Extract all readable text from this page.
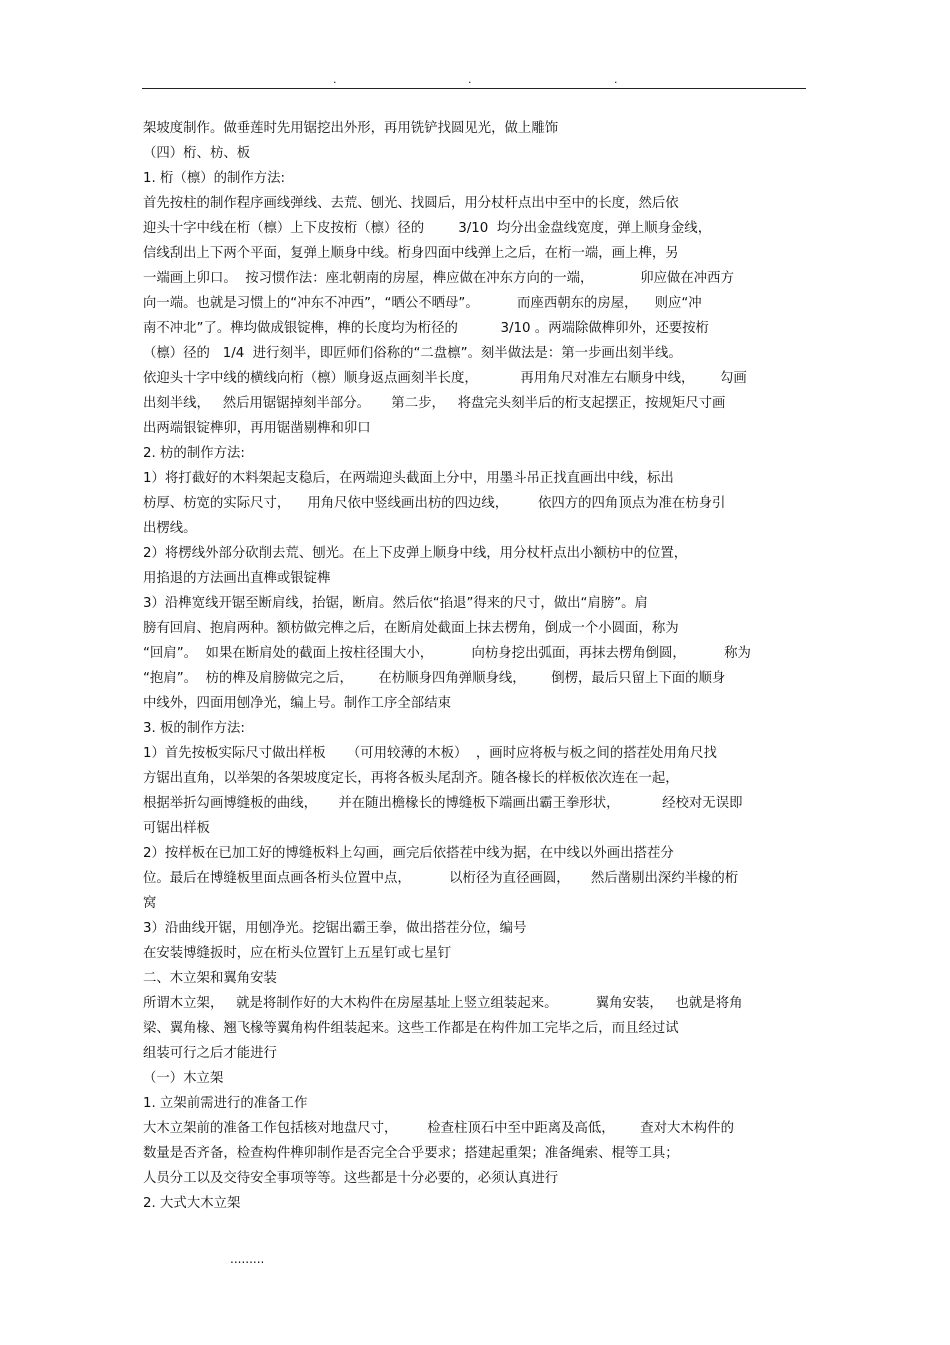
.	.	.
架坡度制作。做垂莲时先用锯挖出外形，再用铣铲找圆见光，做上雕饰
（四）桁、枋、板
1. 桁（檩）的制作方法:
首先按柱的制作程序画线弹线、去荒、刨光、找圆后，用分杖杆点出中至中的长度，然后依
迎头十字中线在桁（檩）上下皮按桁（檩）径的        3/10  均分出金盘线宽度，弹上顺身金线，
信线刮出上下两个平面，复弹上顺身中线。桁身四面中线弹上之后，在桁一端，画上榫，另
一端画上卯口。  按习惯作法：座北朝南的房屋，榫应做在冲东方向的一端，           卯应做在冲西方
向一端。也就是习惯上的“冲东不冲西”，“晒公不晒母”。         而座西朝东的房屋，    则应“冲
南不冲北”了。榫均做成银锭榫，榫的长度均为桁径的          3/10 。两端除做榫卯外，还要按桁
（檩）径的   1/4  进行刻半，即匠师们俗称的“二盘檩”。刻半做法是：第一步画出刻半线。
依迎头十字中线的横线向桁（檩）顺身返点画刻半长度，          再用角尺对准左右顺身中线，      勾画
出刻半线，   然后用锯锯掉刻半部分。     第二步，   将盘完头刻半后的桁支起摆正，按规矩尺寸画
出两端银锭榫卯，再用锯凿剔榫和卯口
2. 枋的制作方法:
1）将打截好的木料架起支稳后，在两端迎头截面上分中，用墨斗吊正找直画出中线，标出
枋厚、枋宽的实际尺寸，    用角尺依中竖线画出枋的四边线，       依四方的四角顶点为准在枋身引
出楞线。
2）将楞线外部分砍削去荒、刨光。在上下皮弹上顺身中线，用分杖杆点出小额枋中的位置，
用掐退的方法画出直榫或银锭榫
3）沿榫宽线开锯至断肩线，抬锯，断肩。然后依“掐退”得来的尺寸，做出“肩膀”。肩
膀有回肩、抱肩两种。额枋做完榫之后，在断肩处截面上抹去楞角，倒成一个小圆面，称为
“回肩”。  如果在断肩处的截面上按柱径围大小，         向枋身挖出弧面，再抹去楞角倒圆，         称为
“抱肩”。  枋的榫及肩膀做完之后，      在枋顺身四角弹顺身线，      倒楞，最后只留上下面的顺身
中线外，四面用刨净光，编上号。制作工序全部结束
3. 板的制作方法:
1）首先按板实际尺寸做出样板     （可用较薄的木板）  ，画时应将板与板之间的搭茬处用角尺找
方锯出直角，以举架的各架坡度定长，再将各板头尾刮齐。随各椽长的样板依次连在一起，
根据举折勾画博缝板的曲线，     并在随出檐椽长的博缝板下端画出霸王拳形状，          经校对无误即
可锯出样板
2）按样板在已加工好的博缝板料上勾画，画完后依搭茬中线为据，在中线以外画出搭茬分
位。最后在博缝板里面点画各桁头位置中点，         以桁径为直径画圆，     然后凿剔出深约半椽的桁
窝
3）沿曲线开锯，用刨净光。挖锯出霸王拳，做出搭茬分位，编号
在安装博缝扳时，应在桁头位置钉上五星钉或七星钉
二、木立架和翼角安装
所谓木立架，   就是将制作好的大木构件在房屋基址上竖立组装起来。         翼角安装，   也就是将角
梁、翼角椽、翘飞椽等翼角构件组装起来。这些工作都是在构件加工完毕之后，而且经过试
组装可行之后才能进行
（一）木立架
1. 立架前需进行的准备工作
大木立架前的准备工作包括核对地盘尺寸，       检查柱顶石中至中距离及高低，      查对大木构件的
数量是否齐备，检查构件榫卯制作是否完全合乎要求；搭建起重架；准备绳索、棍等工具；
人员分工以及交待安全事项等等。这些都是十分必要的，必须认真进行
2. 大式大木立架
.........
